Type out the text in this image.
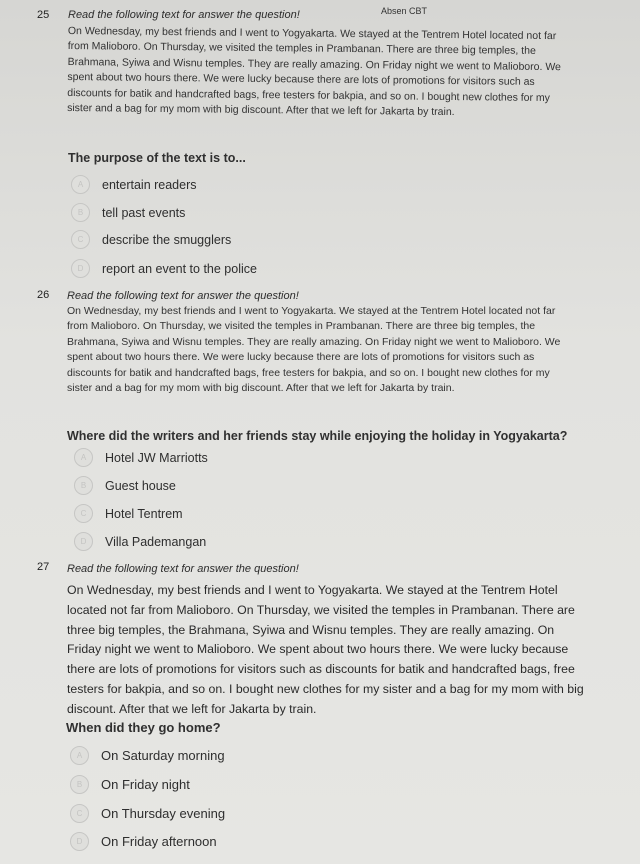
Absen CBT
25 Read the following text for answer the question!
On Wednesday, my best friends and I went to Yogyakarta. We stayed at the Tentrem Hotel located not far
from Malioboro. On Thursday, we visited the temples in Prambanan. There are three big temples, the
Brahmana, Syiwa and Wisnu temples. They are really amazing. On Friday night we went to Malioboro. We
spent about two hours there. We were lucky because there are lots of promotions for visitors such as
discounts for batik and handcrafted bags, free testers for bakpia, and so on. I bought new clothes for my
sister and a bag for my mom with big discount. After that we left for Jakarta by train.
The purpose of the text is to...
A	entertain readers
B	tell past events
C	describe the smugglers
D	report an event to the police
26 Read the following text for answer the question!
On Wednesday, my best friends and I went to Yogyakarta. We stayed at the Tentrem Hotel located not far
from Malioboro. On Thursday, we visited the temples in Prambanan. There are three big temples, the
Brahmana, Syiwa and Wisnu temples. They are really amazing. On Friday night we went to Malioboro. We
spent about two hours there. We were lucky because there are lots of promotions for visitors such as
discounts for batik and handcrafted bags, free testers for bakpia, and so on. I bought new clothes for my
sister and a bag for my mom with big discount. After that we left for Jakarta by train.
Where did the writers and her friends stay while enjoying the holiday in Yogyakarta?
A	Hotel JW Marriotts
B	Guest house
C	Hotel Tentrem
D	Villa Pademangan
27 Read the following text for answer the question!
On Wednesday, my best friends and I went to Yogyakarta. We stayed at the Tentrem Hotel
located not far from Malioboro. On Thursday, we visited the temples in Prambanan. There are
three big temples, the Brahmana, Syiwa and Wisnu temples. They are really amazing. On
Friday night we went to Malioboro. We spent about two hours there. We were lucky because
there are lots of promotions for visitors such as discounts for batik and handcrafted bags, free
testers for bakpia, and so on. I bought new clothes for my sister and a bag for my mom with big
discount. After that we left for Jakarta by train.
When did they go home?
A	On Saturday morning
B	On Friday night
C	On Thursday evening
D	On Friday afternoon
